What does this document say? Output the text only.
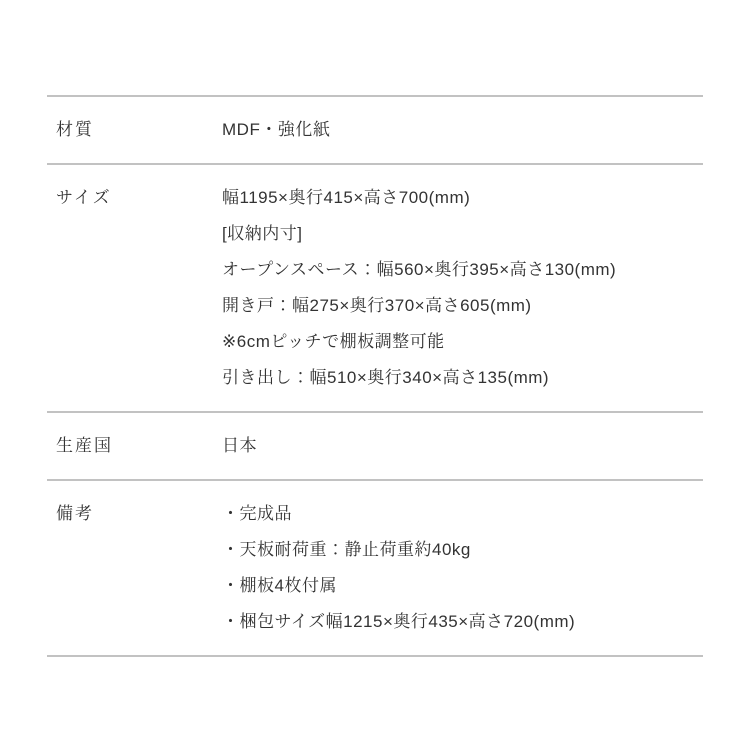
材質	MDF・強化紙

サイズ	幅1195×奥行415×高さ700(mm)

[収納内寸]

オープンスペース：幅560×奥行395×高さ130(mm)

開き戸：幅275×奥行370×高さ605(mm)

※6cmピッチで棚板調整可能

引き出し：幅510×奥行340×高さ135(mm)

生産国	日本

備考	・完成品

・天板耐荷重：静止荷重約40kg

・棚板4枚付属

・梱包サイズ幅1215×奥行435×高さ720(mm)
